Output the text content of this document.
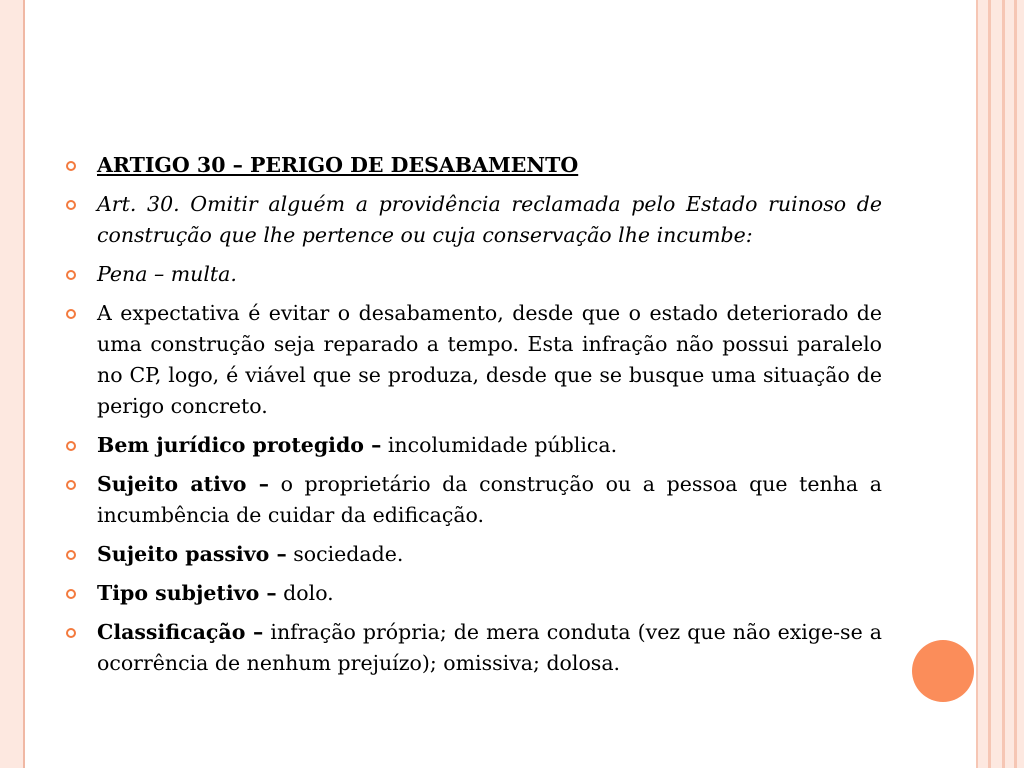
ARTIGO 30 – PERIGO DE DESABAMENTO
Art. 30. Omitir alguém a providência reclamada pelo Estado ruinoso de construção que lhe pertence ou cuja conservação lhe incumbe:
Pena – multa.
A expectativa é evitar o desabamento, desde que o estado deteriorado de uma construção seja reparado a tempo. Esta infração não possui paralelo no CP, logo, é viável que se produza, desde que se busque uma situação de perigo concreto.
Bem jurídico protegido – incolumidade pública.
Sujeito ativo – o proprietário da construção ou a pessoa que tenha a incumbência de cuidar da edificação.
Sujeito passivo – sociedade.
Tipo subjetivo – dolo.
Classificação – infração própria; de mera conduta (vez que não exige-se a ocorrência de nenhum prejuízo); omissiva; dolosa.
